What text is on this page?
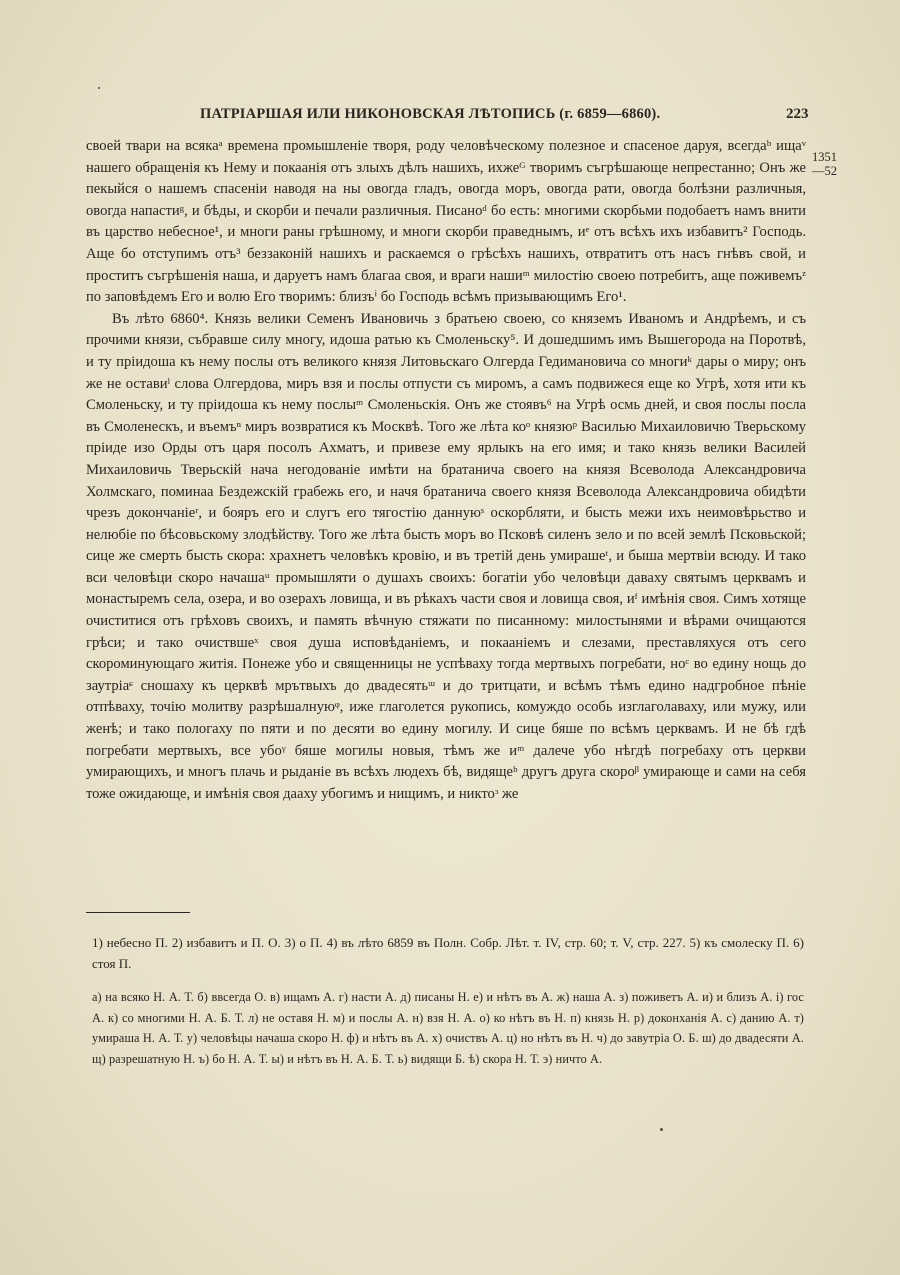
ПАТРІАРШАЯ ИЛИ НИКОНОВСКАЯ ЛѢТОПИСЬ (г. 6859—6860).	223
1351
—52

своей твари на всякаᵃ времена промышленіе творя, роду человѣческому полезное и спасеное даруя, всегдаᵇ ищаᵛ нашего обращенія къ Нему и покаанія отъ злыхъ дѣлъ нашихъ, ихжеᴳ творимъ съгрѣшающе непрестанно; Онъ же пекыйся о нашемъ спасеніи наводя на ны овогда гладъ, овогда моръ, овогда рати, овогда болѣзни различныя, овогда напастиᵍ, и бѣды, и скорби и печали различныя. Писаноᵈ бо есть: многими скорбьми подобаетъ намъ внити въ царство небесное¹, и многи раны грѣшному, и многи скорби праведнымъ, иᵉ отъ всѣхъ ихъ избавитъ² Господь. Аще бо отступимъ отъ³ беззаконій нашихъ и раскаемся о грѣсѣхъ нашихъ, отвратитъ отъ насъ гнѣвъ свой, и проститъ съгрѣшенія наша, и даруетъ намъ благаа своя, и враги нашиᵐ милостію своею потребитъ, аще поживемъᶻ по заповѣдемъ Его и волю Его творимъ: близъⁱ бо Господь всѣмъ призывающимъ Его¹.

Въ лѣто 6860⁴. Князь велики Семенъ Ивановичь з братьею своею, со княземъ Иваномъ и Андрѣемъ, и съ прочими князи, събравше силу многу, идоша ратью къ Смоленьску⁵. И дошедшимъ имъ Вышегорода на Поротвѣ, и ту пріидоша къ нему послы отъ великого князя Литовьскаго Олгерда Гедимановича со многиᵏ дары о миру; онъ же не оставиˡ слова Олгердова, миръ взя и послы отпусти съ миромъ, а самъ подвижеся еще ко Угрѣ, хотя ити къ Смоленьску, и ту пріидоша къ нему послыᵐ Смоленьскія. Онъ же стоявъ⁶ на Угрѣ осмь дней, и своя послы посла въ Смоленескъ, и въемъⁿ миръ возвратися къ Москвѣ. Того же лѣта коᵒ князюᵖ Василью Михаиловичю Тверьскому пріиде изо Орды отъ царя посолъ Ахматъ, и привезе ему ярлыкъ на его имя; и тако князь велики Василей Михаиловичь Тверьскій нача негодованіе имѣти на братанича своего на князя Всеволода Александровича Холмскаго, поминаа Бездежскій грабежь его, и начя братанича своего князя Всеволода Александровича обидѣти чрезъ докончаніеʳ, и бояръ его и слугъ его тягостію даннуюˢ оскорбляти, и бысть межи ихъ неимовѣрьство и нелюбіе по бѣсовьскому злодѣйству. Того же лѣта бысть моръ во Псковѣ силенъ зело и по всей землѣ Псковьской; сице же смерть бысть скора: храхнетъ человѣкъ кровію, и въ третій день умирашеᵗ, и быша мертвіи всюду. И тако вси человѣци скоро начашаᵘ промышляти о душахъ своихъ: богатіи убо человѣци даваху святымъ церквамъ и монастыремъ села, озера, и во озерахъ ловища, и въ рѣкахъ части своя и ловища своя, иᶠ имѣнія своя. Симъ хотяще очиститися отъ грѣховъ своихъ, и память вѣчную стяжати по писанному: милостынями и вѣрами очищаются грѣси; и тако очиствшеˣ своя душа исповѣданіемъ, и покааніемъ и слезами, преставляхуся отъ сего скороминующаго житія. Понеже убо и священницы не успѣваху тогда мертвыхъ погребати, ноᶜ во едину нощь до заутріаᶝ сношаху къ церквѣ мрътвыхъ до двадесятьᵚ и до тритцати, и всѣмъ тѣмъ едино надгробное пѣніе отпѣваху, точію молитву разрѣшалнуюᵠ, иже глаголется рукопись, комуждо особь изглаголаваху, или мужу, или женѣ; и тако пологаху по пяти и по десяти во едину могилу. И сице бяше по всѣмъ церквамъ. И не бѣ гдѣ погребати мертвыхъ, все убоᵞ бяше могилы новыя, тѣмъ же иᵐ далече убо нѣгдѣ погребаху отъ церкви умирающихъ, и многъ плачь и рыданіе въ всѣхъ людехъ бѣ, видящеᵇ другъ друга скороᵝ умирающе и сами на себя тоже ожидающе, и имѣнія своя дааху убогимъ и нищимъ, и никтоᵌ же

1) небесно П. 2) избавитъ и П. О. 3) о П. 4) въ лѣто 6859 въ Полн. Собр. Лѣт. т. IV, стр. 60; т. V, стр. 227. 5) къ смолеску П. 6) стоя П.
а) на всяко Н. А. Т. б) ввсегда О. в) ищамъ А. г) насти А. д) писаны Н. е) и нѣтъ въ А. ж) наша А. з) поживетъ А. и) и близъ А. і) гос А. к) со многими Н. А. Б. Т. л) не оставя Н. м) и послы А. н) взя Н. А. о) ко нѣтъ въ Н. п) князь Н. р) доконханія А. с) данию А. т) умираша Н. А. Т. у) человѣцы начаша скоро Н. ф) и нѣтъ въ А. х) очиствъ А. ц) но нѣтъ въ Н. ч) до завутріа О. Б. ш) до двадесяти А. щ) разрешатную Н. ъ) бо Н. А. Т. ы) и нѣтъ въ Н. А. Б. Т. ь) видящи Б. ѣ) скора Н. Т. э) ничто А.
